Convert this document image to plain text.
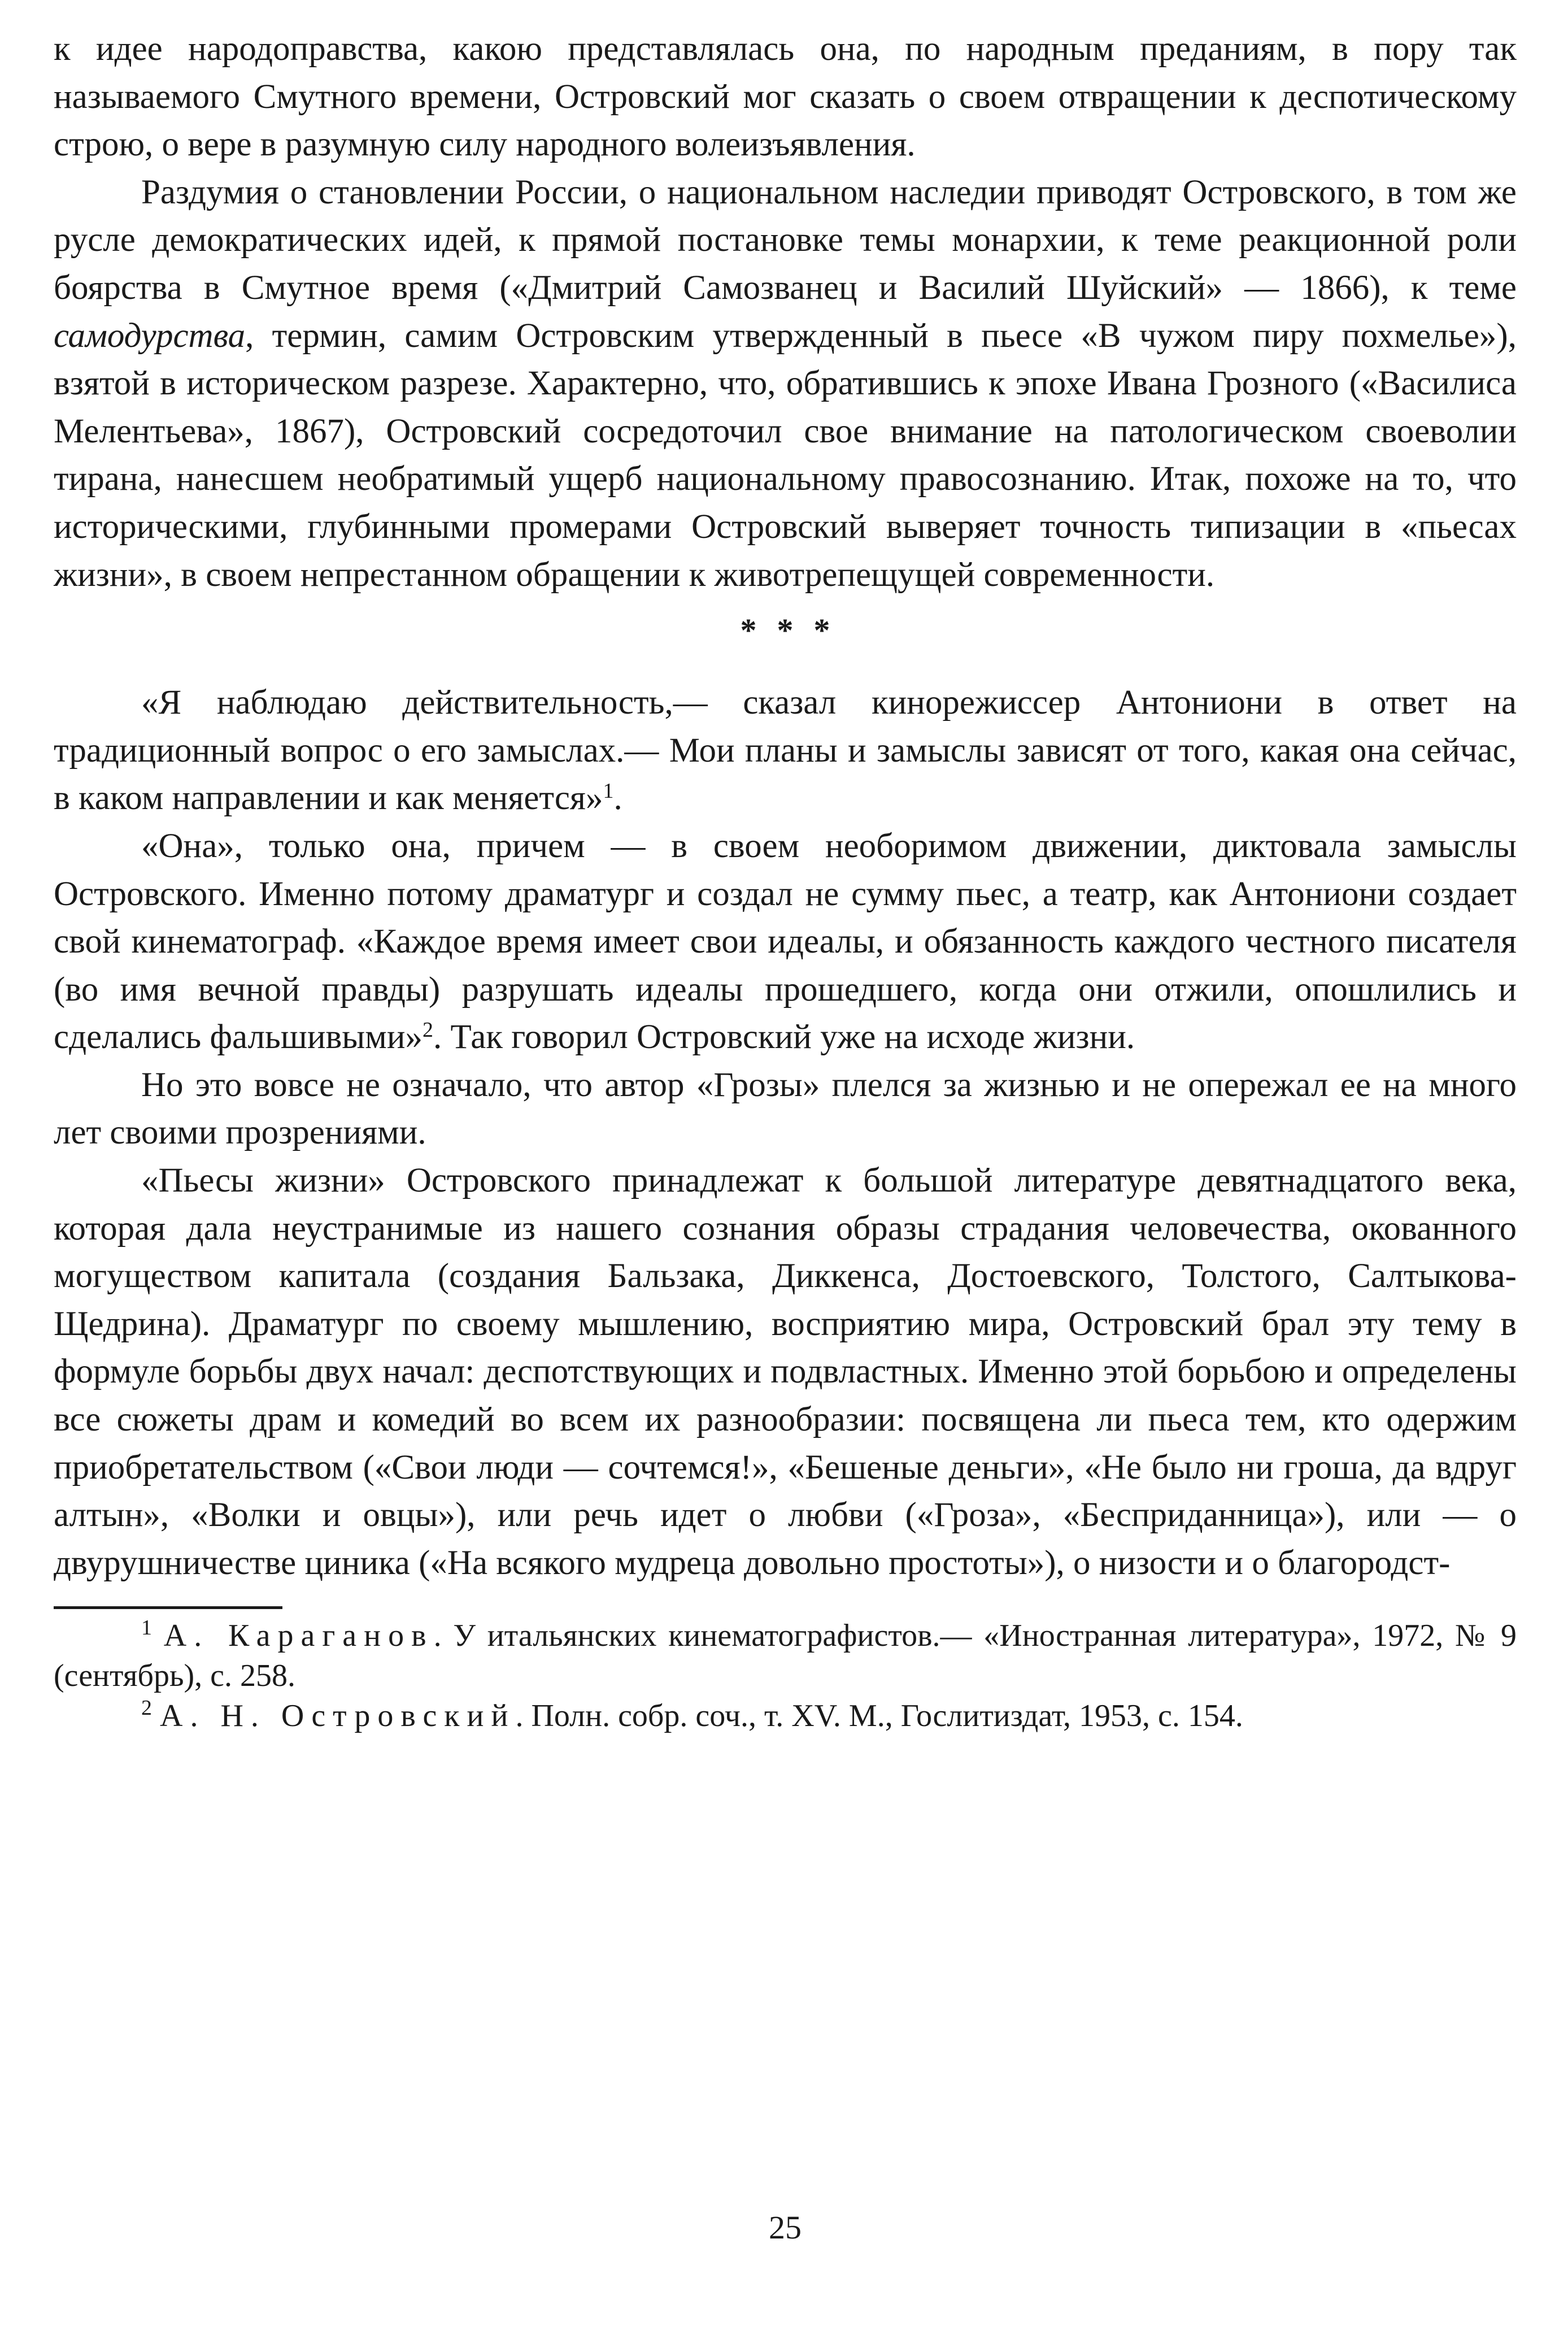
к идее народоправства, какою представлялась она, по народным преданиям, в пору так называемого Смутного времени, Островский мог сказать о своем отвращении к деспотическому строю, о вере в разумную силу народного волеизъявления.

Раздумия о становлении России, о национальном наследии приводят Островского, в том же русле демократических идей, к прямой постановке темы монархии, к теме реакционной роли боярства в Смутное время («Дмитрий Самозванец и Василий Шуйский» — 1866), к теме самодурства, термин, самим Островским утвержденный в пьесе «В чужом пиру похмелье»), взятой в историческом разрезе. Характерно, что, обратившись к эпохе Ивана Грозного («Василиса Мелентьева», 1867), Островский сосредоточил свое внимание на патологическом своеволии тирана, нанесшем необратимый ущерб национальному правосознанию. Итак, похоже на то, что историческими, глубинными промерами Островский выверяет точность типизации в «пьесах жизни», в своем непрестанном обращении к животрепещущей современности.

***

«Я наблюдаю действительность,— сказал кинорежиссер Антониони в ответ на традиционный вопрос о его замыслах.— Мои планы и замыслы зависят от того, какая она сейчас, в каком направлении и как меняется»$^1$.

«Она», только она, причем — в своем необоримом движении, диктовала замыслы Островского. Именно потому драматург и создал не сумму пьес, а театр, как Антониони создает свой кинематограф. «Каждое время имеет свои идеалы, и обязанность каждого честного писателя (во имя вечной правды) разрушать идеалы прошедшего, когда они отжили, опошлились и сделались фальшивыми»$^2$. Так говорил Островский уже на исходе жизни.

Но это вовсе не означало, что автор «Грозы» плелся за жизнью и не опережал ее на много лет своими прозрениями.

«Пьесы жизни» Островского принадлежат к большой литературе девятнадцатого века, которая дала неустранимые из нашего сознания образы страдания человечества, окованного могуществом капитала (создания Бальзака, Диккенса, Достоевского, Толстого, Салтыкова-Щедрина). Драматург по своему мышлению, восприятию мира, Островский брал эту тему в формуле борьбы двух начал: деспотствующих и подвластных. Именно этой борьбою и определены все сюжеты драм и комедий во всем их разнообразии: посвящена ли пьеса тем, кто одержим приобретательством («Свои люди — сочтемся!», «Бешеные деньги», «Не было ни гроша, да вдруг алтын», «Волки и овцы»), или речь идет о любви («Гроза», «Бесприданница»), или — о двурушничестве циника («На всякого мудреца довольно простоты»), о низости и о благородст-

$^1$ А. Караганов. У итальянских кинематографистов.— «Иностранная литература», 1972, № 9 (сентябрь), с. 258.

$^2$ А. Н. Островский. Полн. собр. соч., т. XV. М., Гослитиздат, 1953, с. 154.

25
